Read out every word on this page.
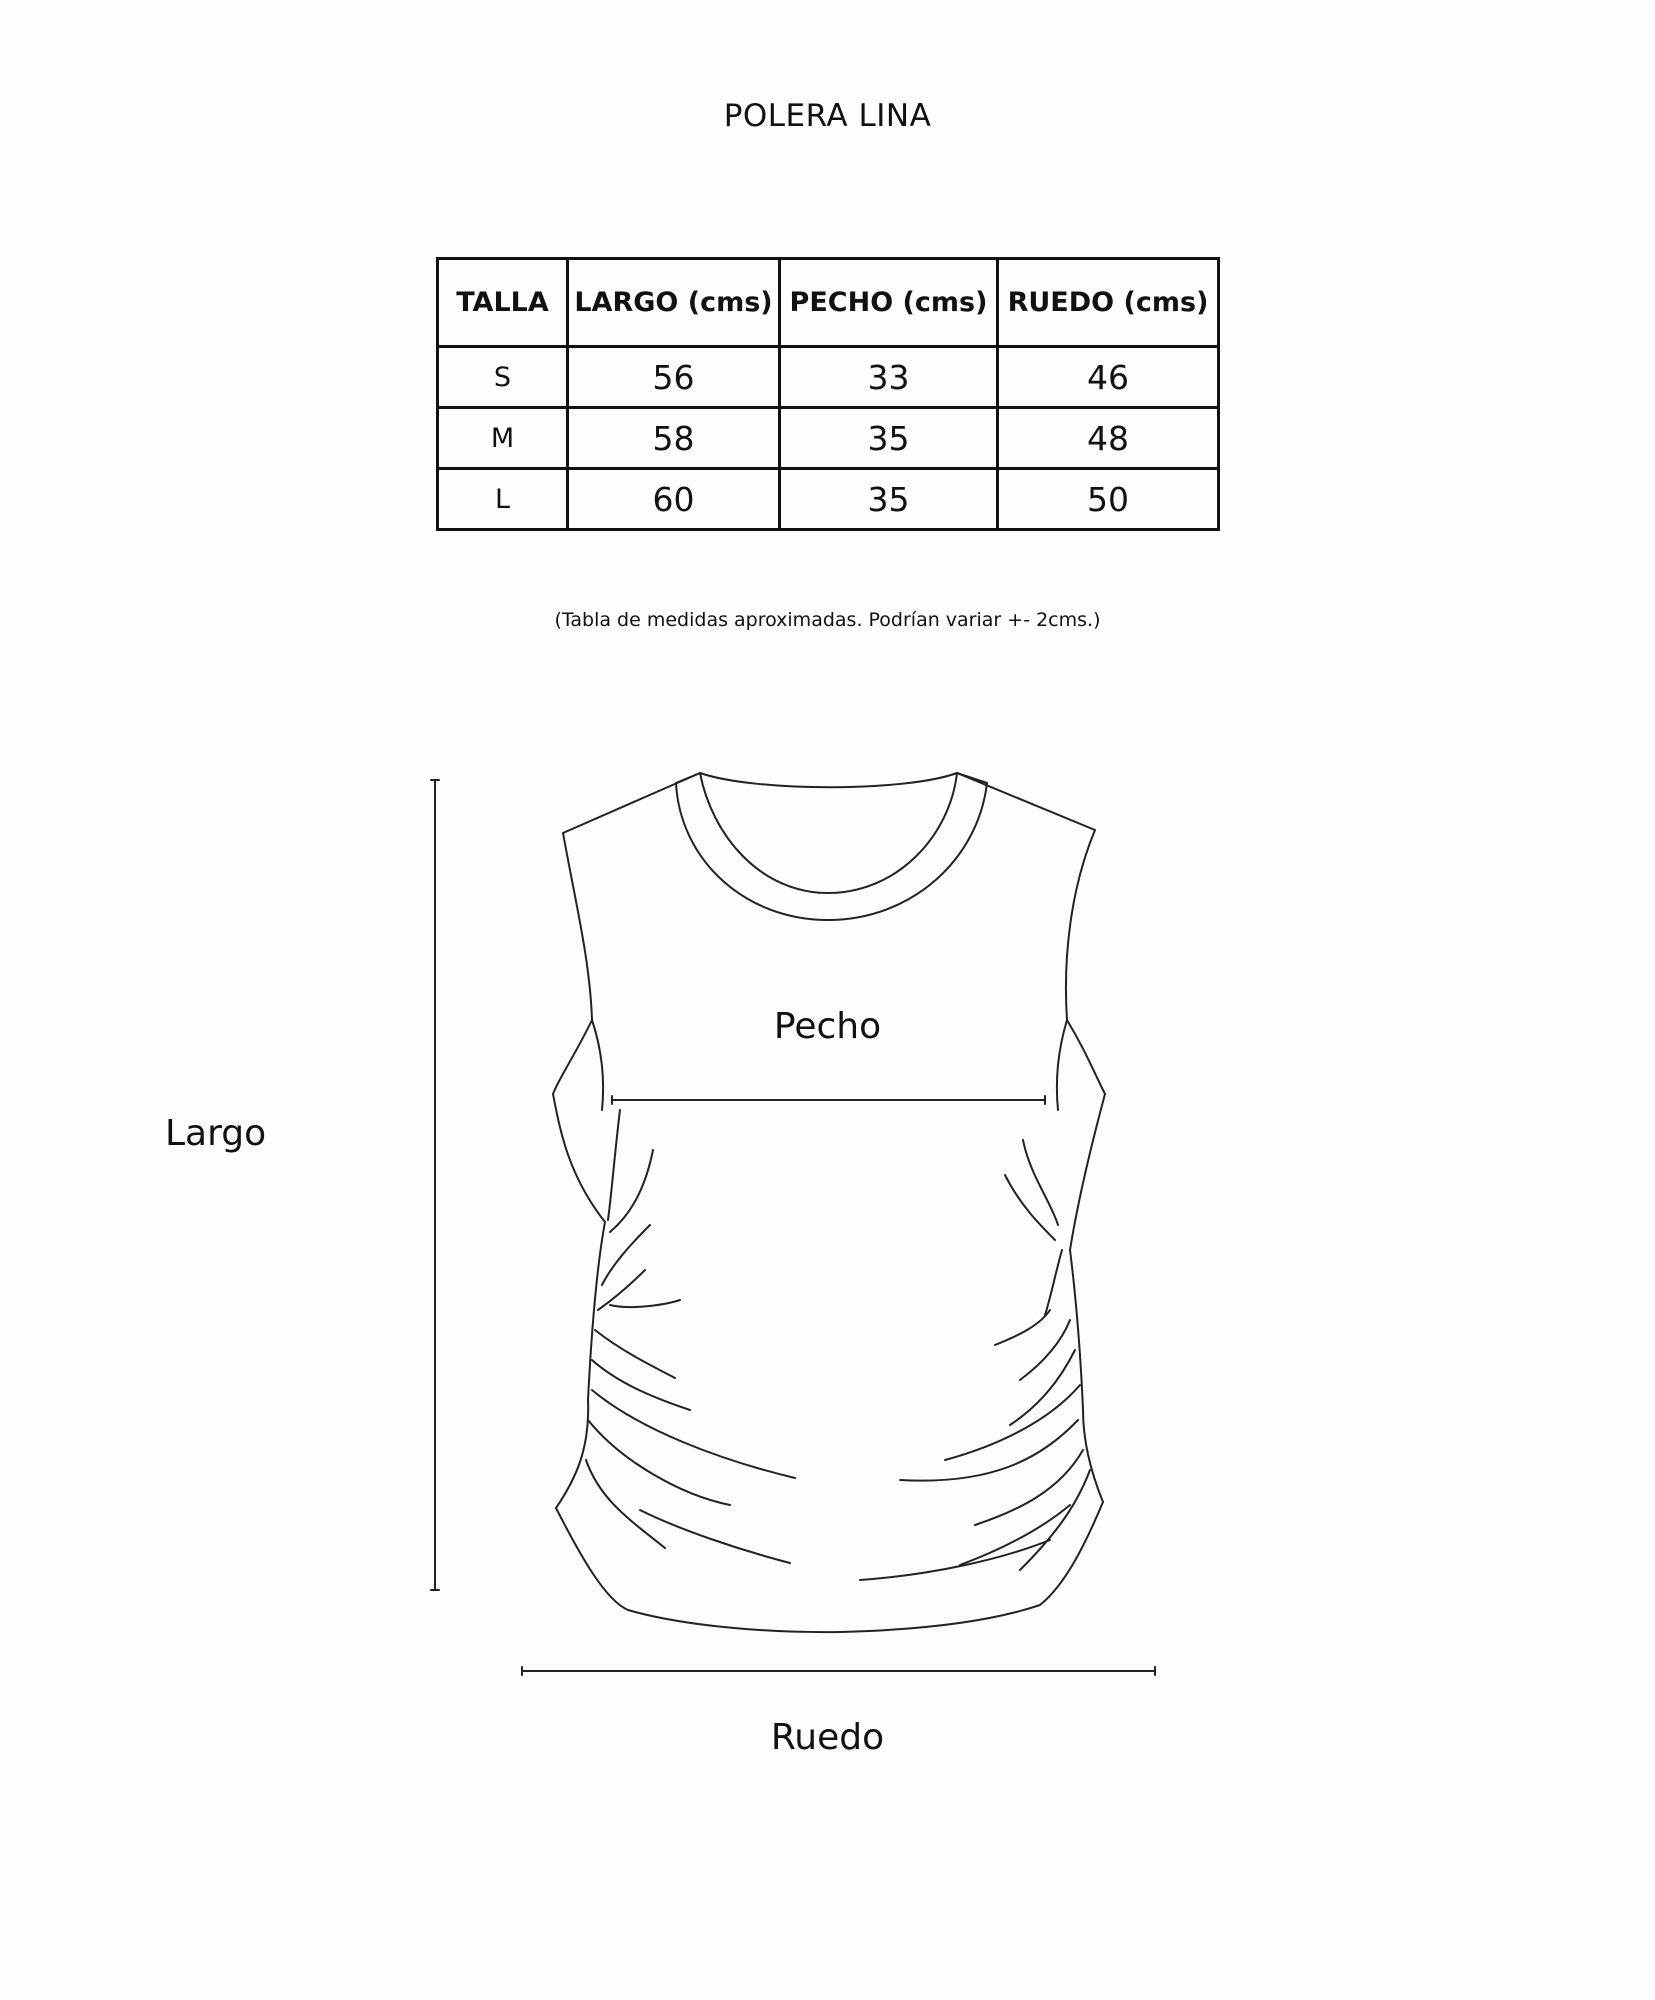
POLERA LINA
TALLA	LARGO (cms)	PECHO (cms)	RUEDO (cms)
S	56	33	46
M	58	35	48
L	60	35	50
(Tabla de medidas aproximadas. Podrían variar +- 2cms.)
Pecho
Largo
Ruedo
